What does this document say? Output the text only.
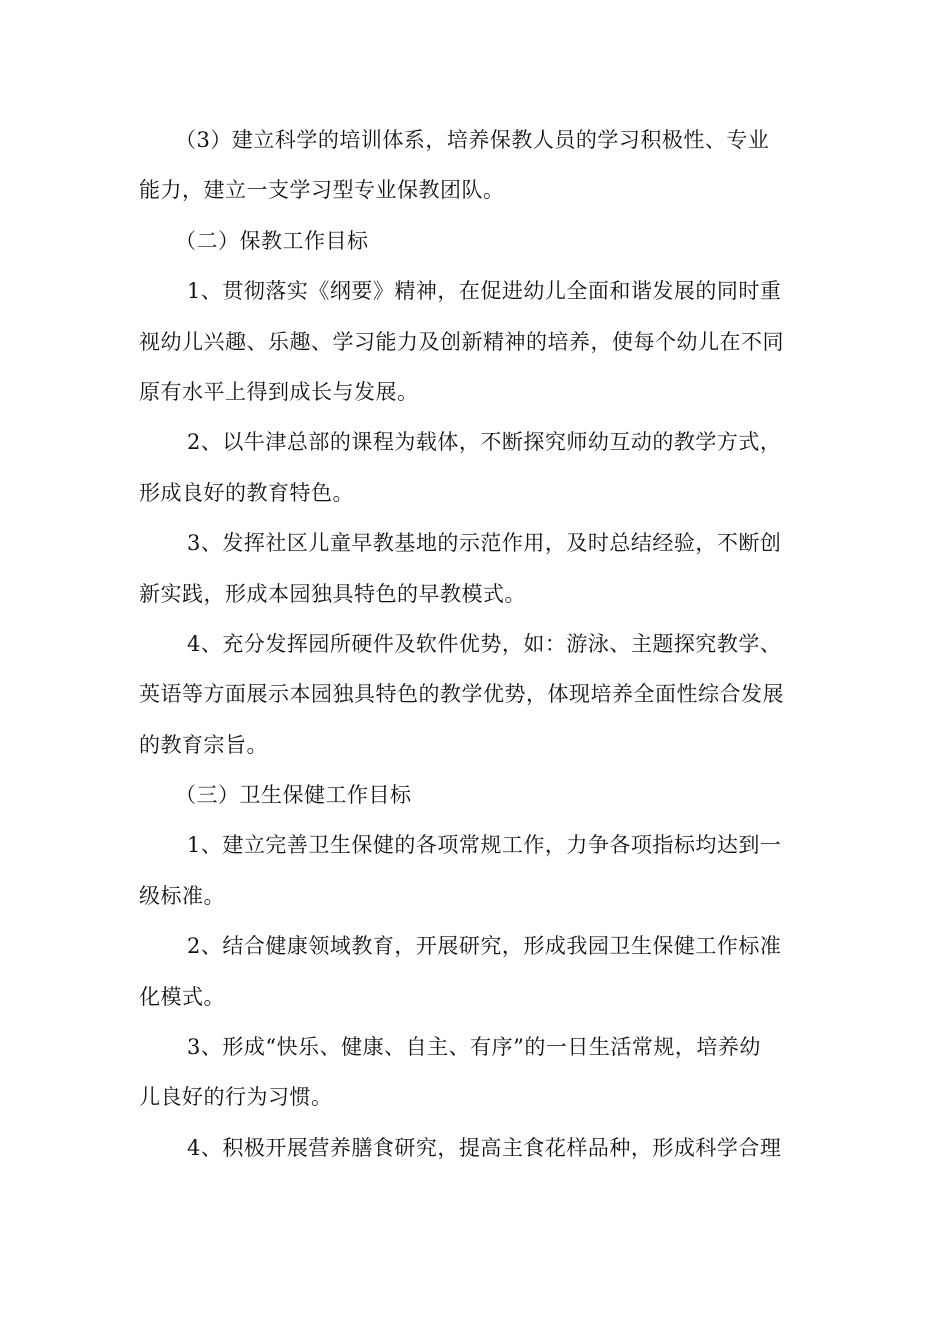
（3）建立科学的培训体系，培养保教人员的学习积极性、专业
能力，建立一支学习型专业保教团队。
（二）保教工作目标
1、贯彻落实《纲要》精神，在促进幼儿全面和谐发展的同时重
视幼儿兴趣、乐趣、学习能力及创新精神的培养，使每个幼儿在不同
原有水平上得到成长与发展。
2、以牛津总部的课程为载体，不断探究师幼互动的教学方式，
形成良好的教育特色。
3、发挥社区儿童早教基地的示范作用，及时总结经验，不断创
新实践，形成本园独具特色的早教模式。
4、充分发挥园所硬件及软件优势，如：游泳、主题探究教学、
英语等方面展示本园独具特色的教学优势，体现培养全面性综合发展
的教育宗旨。
（三）卫生保健工作目标
1、建立完善卫生保健的各项常规工作，力争各项指标均达到一
级标准。
2、结合健康领域教育，开展研究，形成我园卫生保健工作标准
化模式。
3、形成“快乐、健康、自主、有序”的一日生活常规，培养幼
儿良好的行为习惯。
4、积极开展营养膳食研究，提高主食花样品种，形成科学合理
